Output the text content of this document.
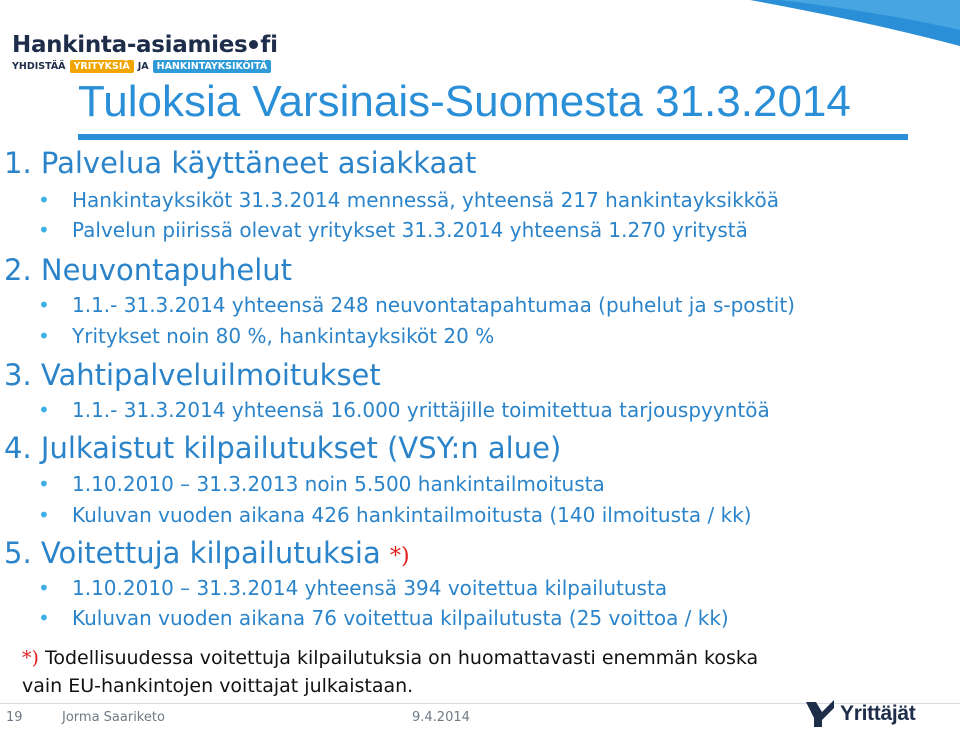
Hankinta-asiamies fi
YHDISTÄÄ YRITYKSIÄ JA HANKINTAYKSIKÖITÄ
Tuloksia Varsinais-Suomesta 31.3.2014
1. Palvelua käyttäneet asiakkaat
• Hankintayksiköt 31.3.2014 mennessä, yhteensä 217 hankintayksikköä
• Palvelun piirissä olevat yritykset 31.3.2014 yhteensä 1.270 yritystä
2. Neuvontapuhelut
• 1.1.- 31.3.2014 yhteensä 248 neuvontatapahtumaa (puhelut ja s-postit)
• Yritykset noin 80 %, hankintayksiköt 20 %
3. Vahtipalveluilmoitukset
• 1.1.- 31.3.2014 yhteensä 16.000 yrittäjille toimitettua tarjouspyyntöä
4. Julkaistut kilpailutukset (VSY:n alue)
• 1.10.2010 – 31.3.2013 noin 5.500 hankintailmoitusta
• Kuluvan vuoden aikana 426 hankintailmoitusta (140 ilmoitusta / kk)
5. Voitettuja kilpailutuksia *)
• 1.10.2010 – 31.3.2014 yhteensä 394 voitettua kilpailutusta
• Kuluvan vuoden aikana 76 voitettua kilpailutusta (25 voittoa / kk)
*) Todellisuudessa voitettuja kilpailutuksia on huomattavasti enemmän koska
vain EU-hankintojen voittajat julkaistaan.
19	Jorma Saariketo	9.4.2014	Yrittäjät
